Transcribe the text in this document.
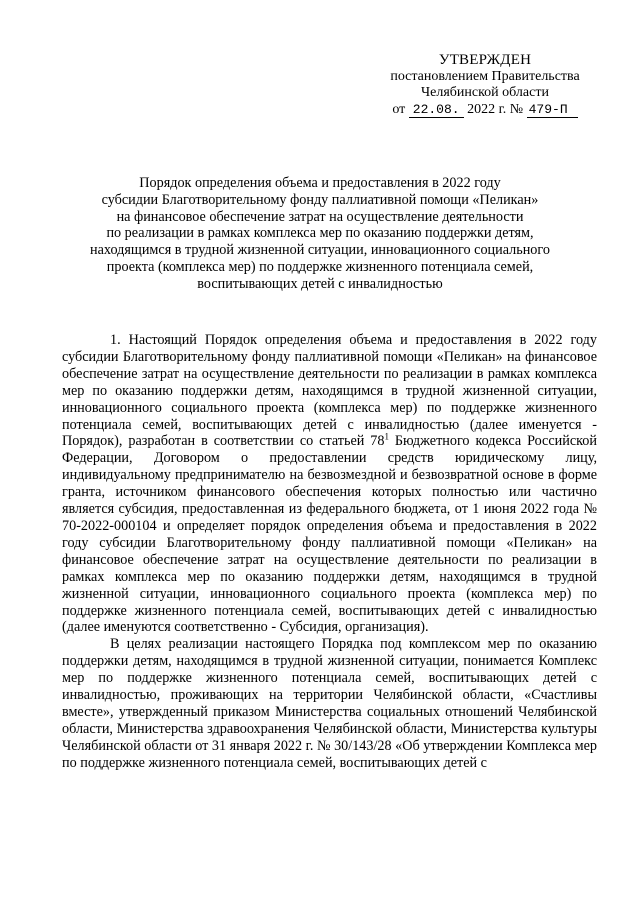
УТВЕРЖДЕН
постановлением Правительства
Челябинской области
от 22.08. 2022 г. № 479-П
Порядок определения объема и предоставления в 2022 году
субсидии Благотворительному фонду паллиативной помощи «Пеликан»
на финансовое обеспечение затрат на осуществление деятельности
по реализации в рамках комплекса мер по оказанию поддержки детям,
находящимся в трудной жизненной ситуации, инновационного социального
проекта (комплекса мер) по поддержке жизненного потенциала семей,
воспитывающих детей с инвалидностью

1. Настоящий Порядок определения объема и предоставления в 2022 году субсидии Благотворительному фонду паллиативной помощи «Пеликан» на финансовое обеспечение затрат на осуществление деятельности по реализации в рамках комплекса мер по оказанию поддержки детям, находящимся в трудной жизненной ситуации, инновационного социального проекта (комплекса мер) по поддержке жизненного потенциала семей, воспитывающих детей с инвалидностью (далее именуется - Порядок), разработан в соответствии со статьей $78^1$ Бюджетного кодекса Российской Федерации, Договором о предоставлении средств юридическому лицу, индивидуальному предпринимателю на безвозмездной и безвозвратной основе в форме гранта, источником финансового обеспечения которых полностью или частично является субсидия, предоставленная из федерального бюджета, от 1 июня 2022 года № 70-2022-000104 и определяет порядок определения объема и предоставления в 2022 году субсидии Благотворительному фонду паллиативной помощи «Пеликан» на финансовое обеспечение затрат на осуществление деятельности по реализации в рамках комплекса мер по оказанию поддержки детям, находящимся в трудной жизненной ситуации, инновационного социального проекта (комплекса мер) по поддержке жизненного потенциала семей, воспитывающих детей с инвалидностью (далее именуются соответственно - Субсидия, организация).

В целях реализации настоящего Порядка под комплексом мер по оказанию поддержки детям, находящимся в трудной жизненной ситуации, понимается Комплекс мер по поддержке жизненного потенциала семей, воспитывающих детей с инвалидностью, проживающих на территории Челябинской области, «Счастливы вместе», утвержденный приказом Министерства социальных отношений Челябинской области, Министерства здравоохранения Челябинской области, Министерства культуры Челябинской области от 31 января 2022 г. № 30/143/28 «Об утверждении Комплекса мер по поддержке жизненного потенциала семей, воспитывающих детей с
